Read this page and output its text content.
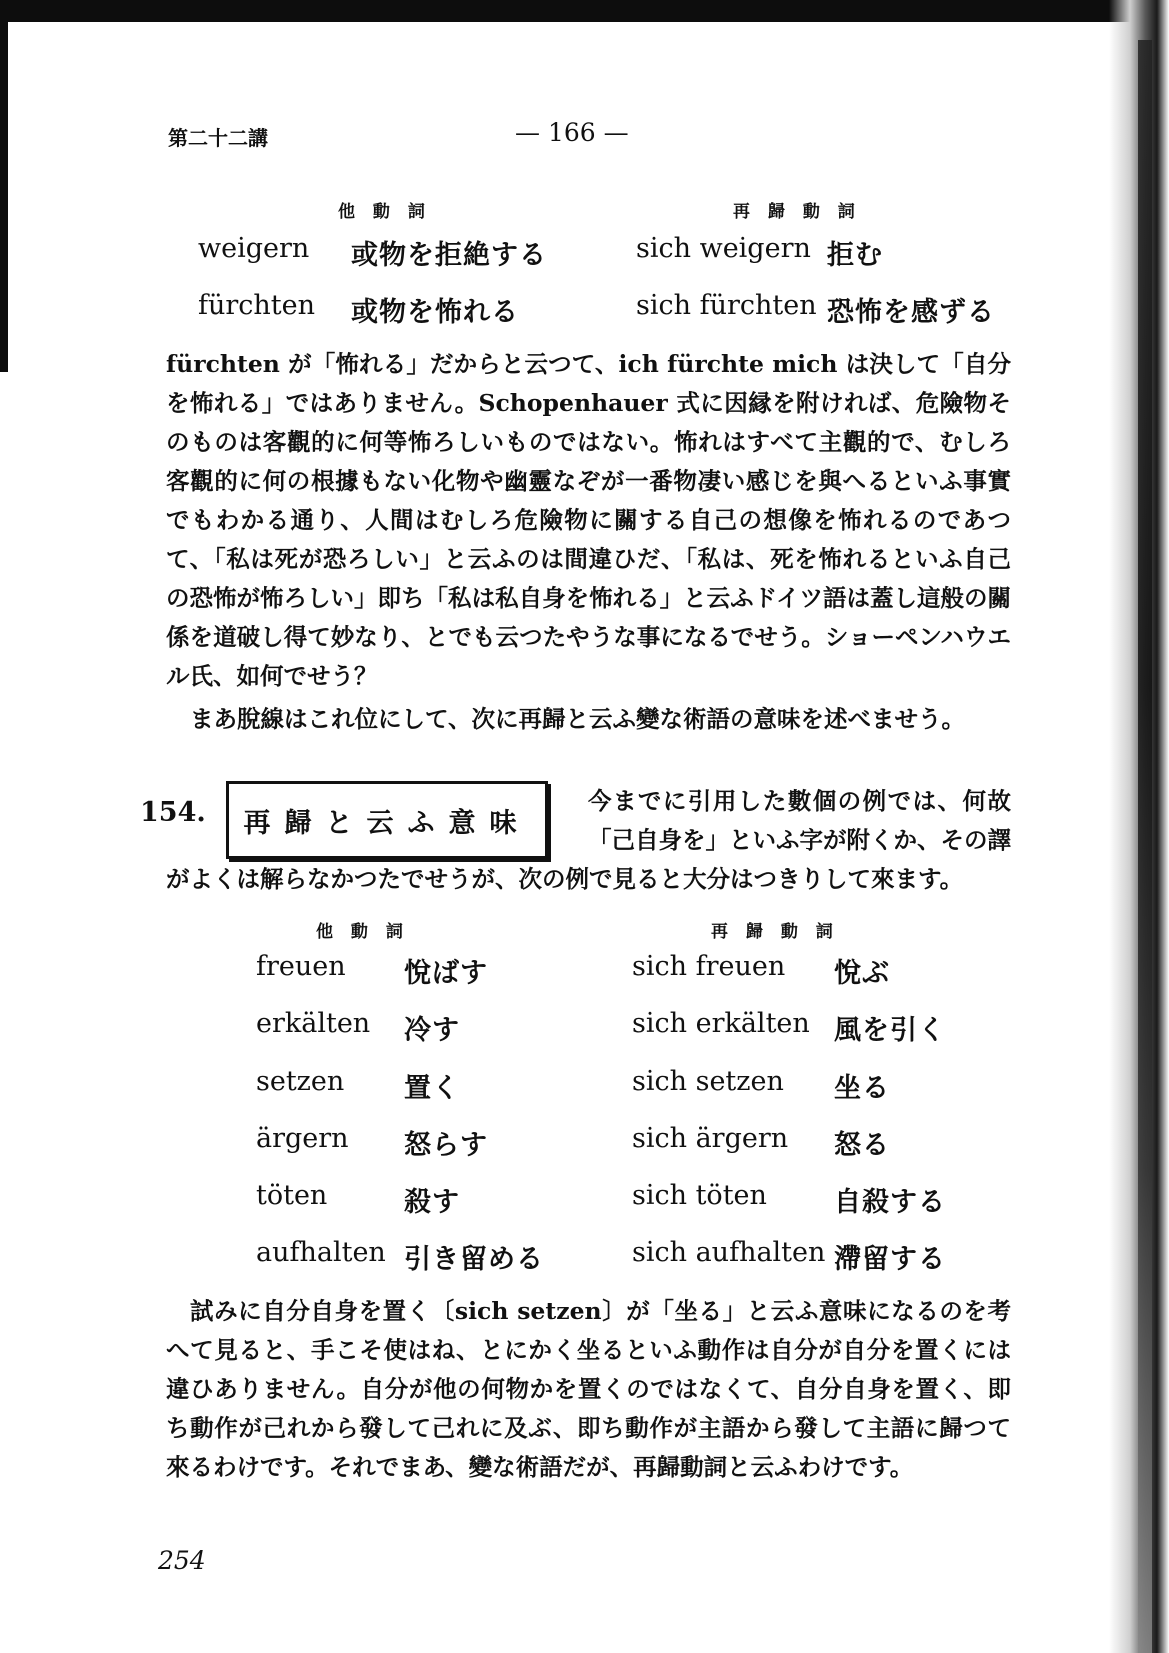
第二十二講	— 166 —
他 動 詞	再 歸 動 詞
weigern 或物を拒絶する	sich weigern 拒む
fürchten 或物を怖れる	sich fürchten 恐怖を感ずる
fürchten が「怖れる」だからと云つて、ich fürchte mich は決して「自分を怖れる」ではありません。Schopenhauer 式に因縁を附ければ、危險物そのものは客觀的に何等怖ろしいものではない。怖れはすべて主觀的で、むしろ客觀的に何の根據もない化物や幽靈なぞが一番物凄い感じを與へるといふ事實でもわかる通り、人間はむしろ危險物に關する自己の想像を怖れるのであつて、「私は死が恐ろしい」と云ふのは間違ひだ、「私は、死を怖れるといふ自己の恐怖が怖ろしい」即ち「私は私自身を怖れる」と云ふドイツ語は蓋し這般の關係を道破し得て妙なり、とでも云つたやうな事になるでせう。ショーペンハウエル氏、如何でせう？
まあ脫線はこれ位にして、次に再歸と云ふ變な術語の意味を述べませう。
154. 再歸と云ふ意味
今までに引用した數個の例では、何故「己自身を」といふ字が附くか、その譯
がよくは解らなかつたでせうが、次の例で見ると大分はつきりして來ます。
他 動 詞	再 歸 動 詞
freuen 悅ばす	sich freuen 悅ぶ
erkälten 冷す	sich erkälten 風を引く
setzen 置く	sich setzen 坐る
ärgern 怒らす	sich ärgern 怒る
töten	殺す	sich töten 自殺する
aufhalten 引き留める	sich aufhalten 滯留する
試みに自分自身を置く〔sich setzen〕が「坐る」と云ふ意味になるのを考へて見ると、手こそ使はね、とにかく坐るといふ動作は自分が自分を置くには違ひありません。自分が他の何物かを置くのではなくて、自分自身を置く、即ち動作が己れから發して己れに及ぶ、即ち動作が主語から發して主語に歸つて來るわけです。それでまあ、變な術語だが、再歸動詞と云ふわけです。
254
